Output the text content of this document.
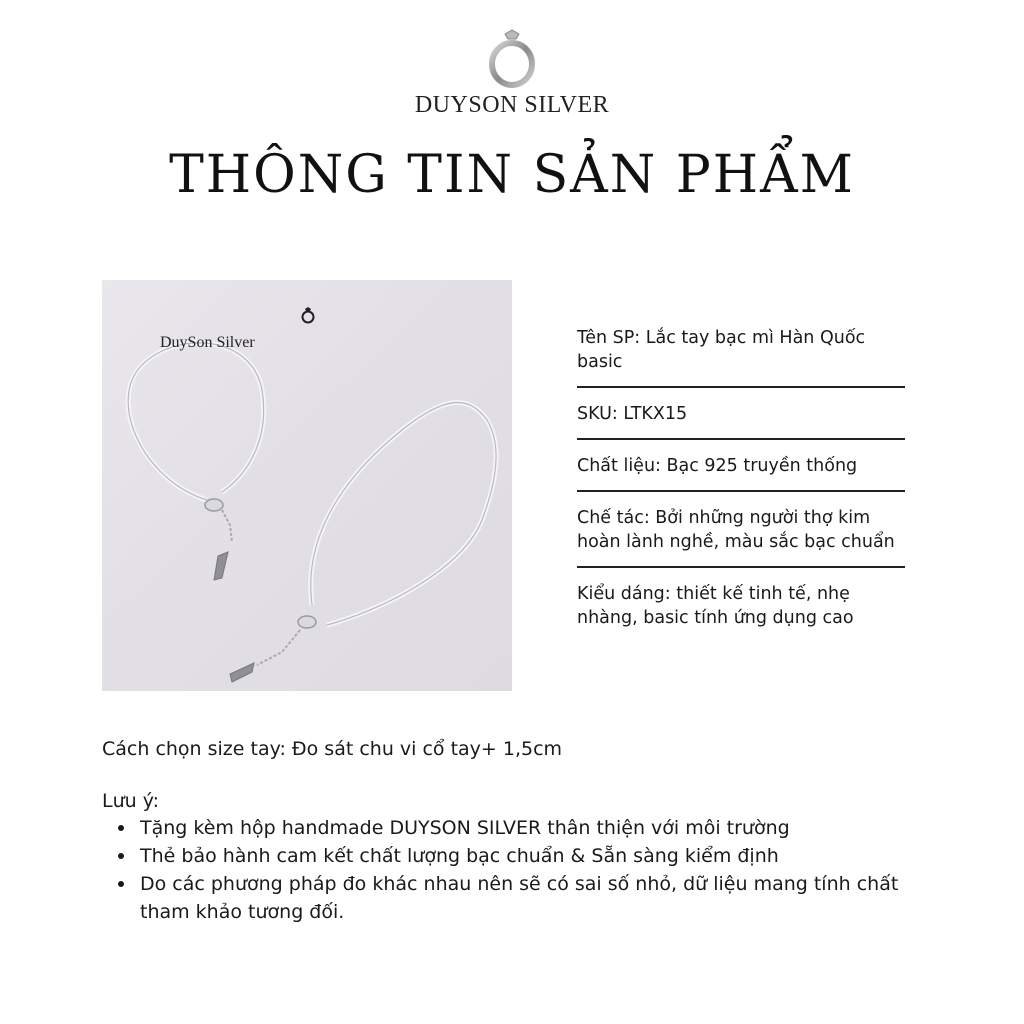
DUYSON SILVER
THÔNG TIN SẢN PHẨM
DuySon Silver	Tên SP: Lắc tay bạc mì Hàn Quốc basic
SKU: LTKX15
Chất liệu: Bạc 925 truyền thống
Chế tác: Bởi những người thợ kim hoàn lành nghề, màu sắc bạc chuẩn
Kiểu dáng: thiết kế tinh tế, nhẹ nhàng, basic tính ứng dụng cao
Cách chọn size tay: Đo sát chu vi cổ tay+ 1,5cm
Lưu ý:
Tặng kèm hộp handmade DUYSON SILVER thân thiện với môi trường
Thẻ bảo hành cam kết chất lượng bạc chuẩn & Sẵn sàng kiểm định
Do các phương pháp đo khác nhau nên sẽ có sai số nhỏ, dữ liệu mang tính chất tham khảo tương đối.
